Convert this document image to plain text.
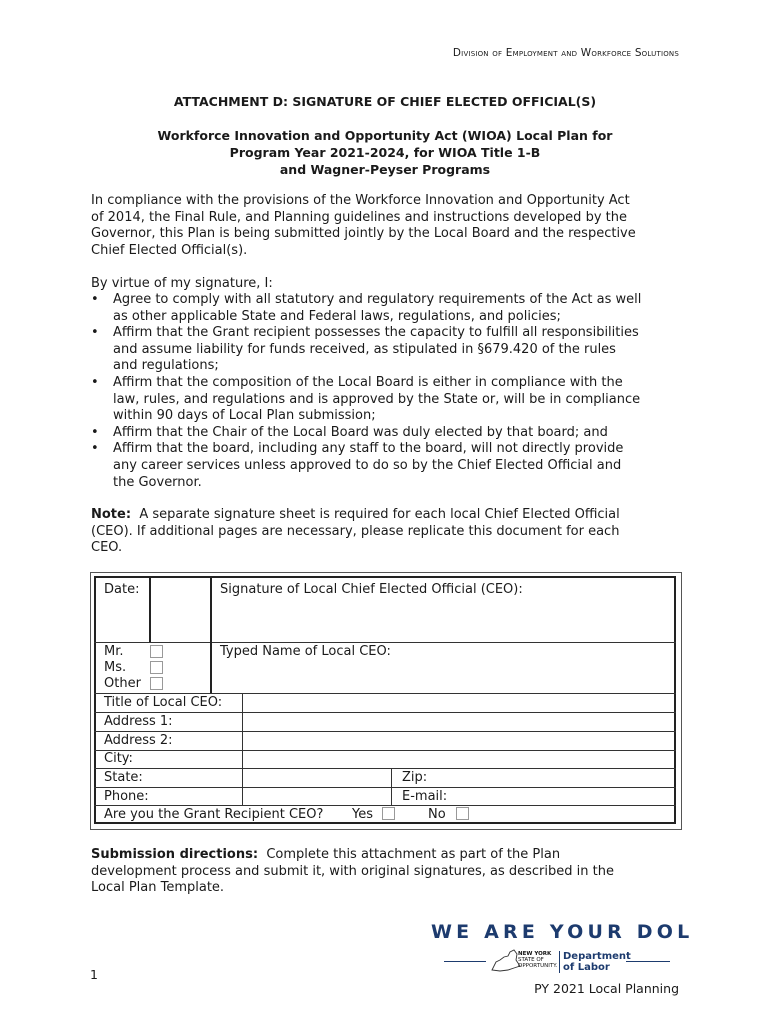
Division of Employment and Workforce Solutions
ATTACHMENT D: SIGNATURE OF CHIEF ELECTED OFFICIAL(S)
Workforce Innovation and Opportunity Act (WIOA) Local Plan for
Program Year 2021-2024, for WIOA Title 1-B
and Wagner-Peyser Programs
In compliance with the provisions of the Workforce Innovation and Opportunity Act
of 2014, the Final Rule, and Planning guidelines and instructions developed by the
Governor, this Plan is being submitted jointly by the Local Board and the respective
Chief Elected Official(s).
By virtue of my signature, I:
• Agree to comply with all statutory and regulatory requirements of the Act as well
as other applicable State and Federal laws, regulations, and policies;
• Affirm that the Grant recipient possesses the capacity to fulfill all responsibilities
and assume liability for funds received, as stipulated in §679.420 of the rules
and regulations;
• Affirm that the composition of the Local Board is either in compliance with the
law, rules, and regulations and is approved by the State or, will be in compliance
within 90 days of Local Plan submission;
• Affirm that the Chair of the Local Board was duly elected by that board; and
• Affirm that the board, including any staff to the board, will not directly provide
any career services unless approved to do so by the Chief Elected Official and
the Governor.
Note: A separate signature sheet is required for each local Chief Elected Official
(CEO). If additional pages are necessary, please replicate this document for each
CEO.
Date:	Signature of Local Chief Elected Official (CEO):
Mr.
Ms.
Other
Typed Name of Local CEO:
Title of Local CEO:
Address 1:
Address 2:
City:
State:	Zip:
Phone:	E-mail:
Are you the Grant Recipient CEO? Yes	No
Submission directions: Complete this attachment as part of the Plan
development process and submit it, with original signatures, as described in the
Local Plan Template.
WE ARE YOUR DOL
NEW YORK
STATE OF
OPPORTUNITY.
Department
of Labor
1
PY 2021 Local Planning
